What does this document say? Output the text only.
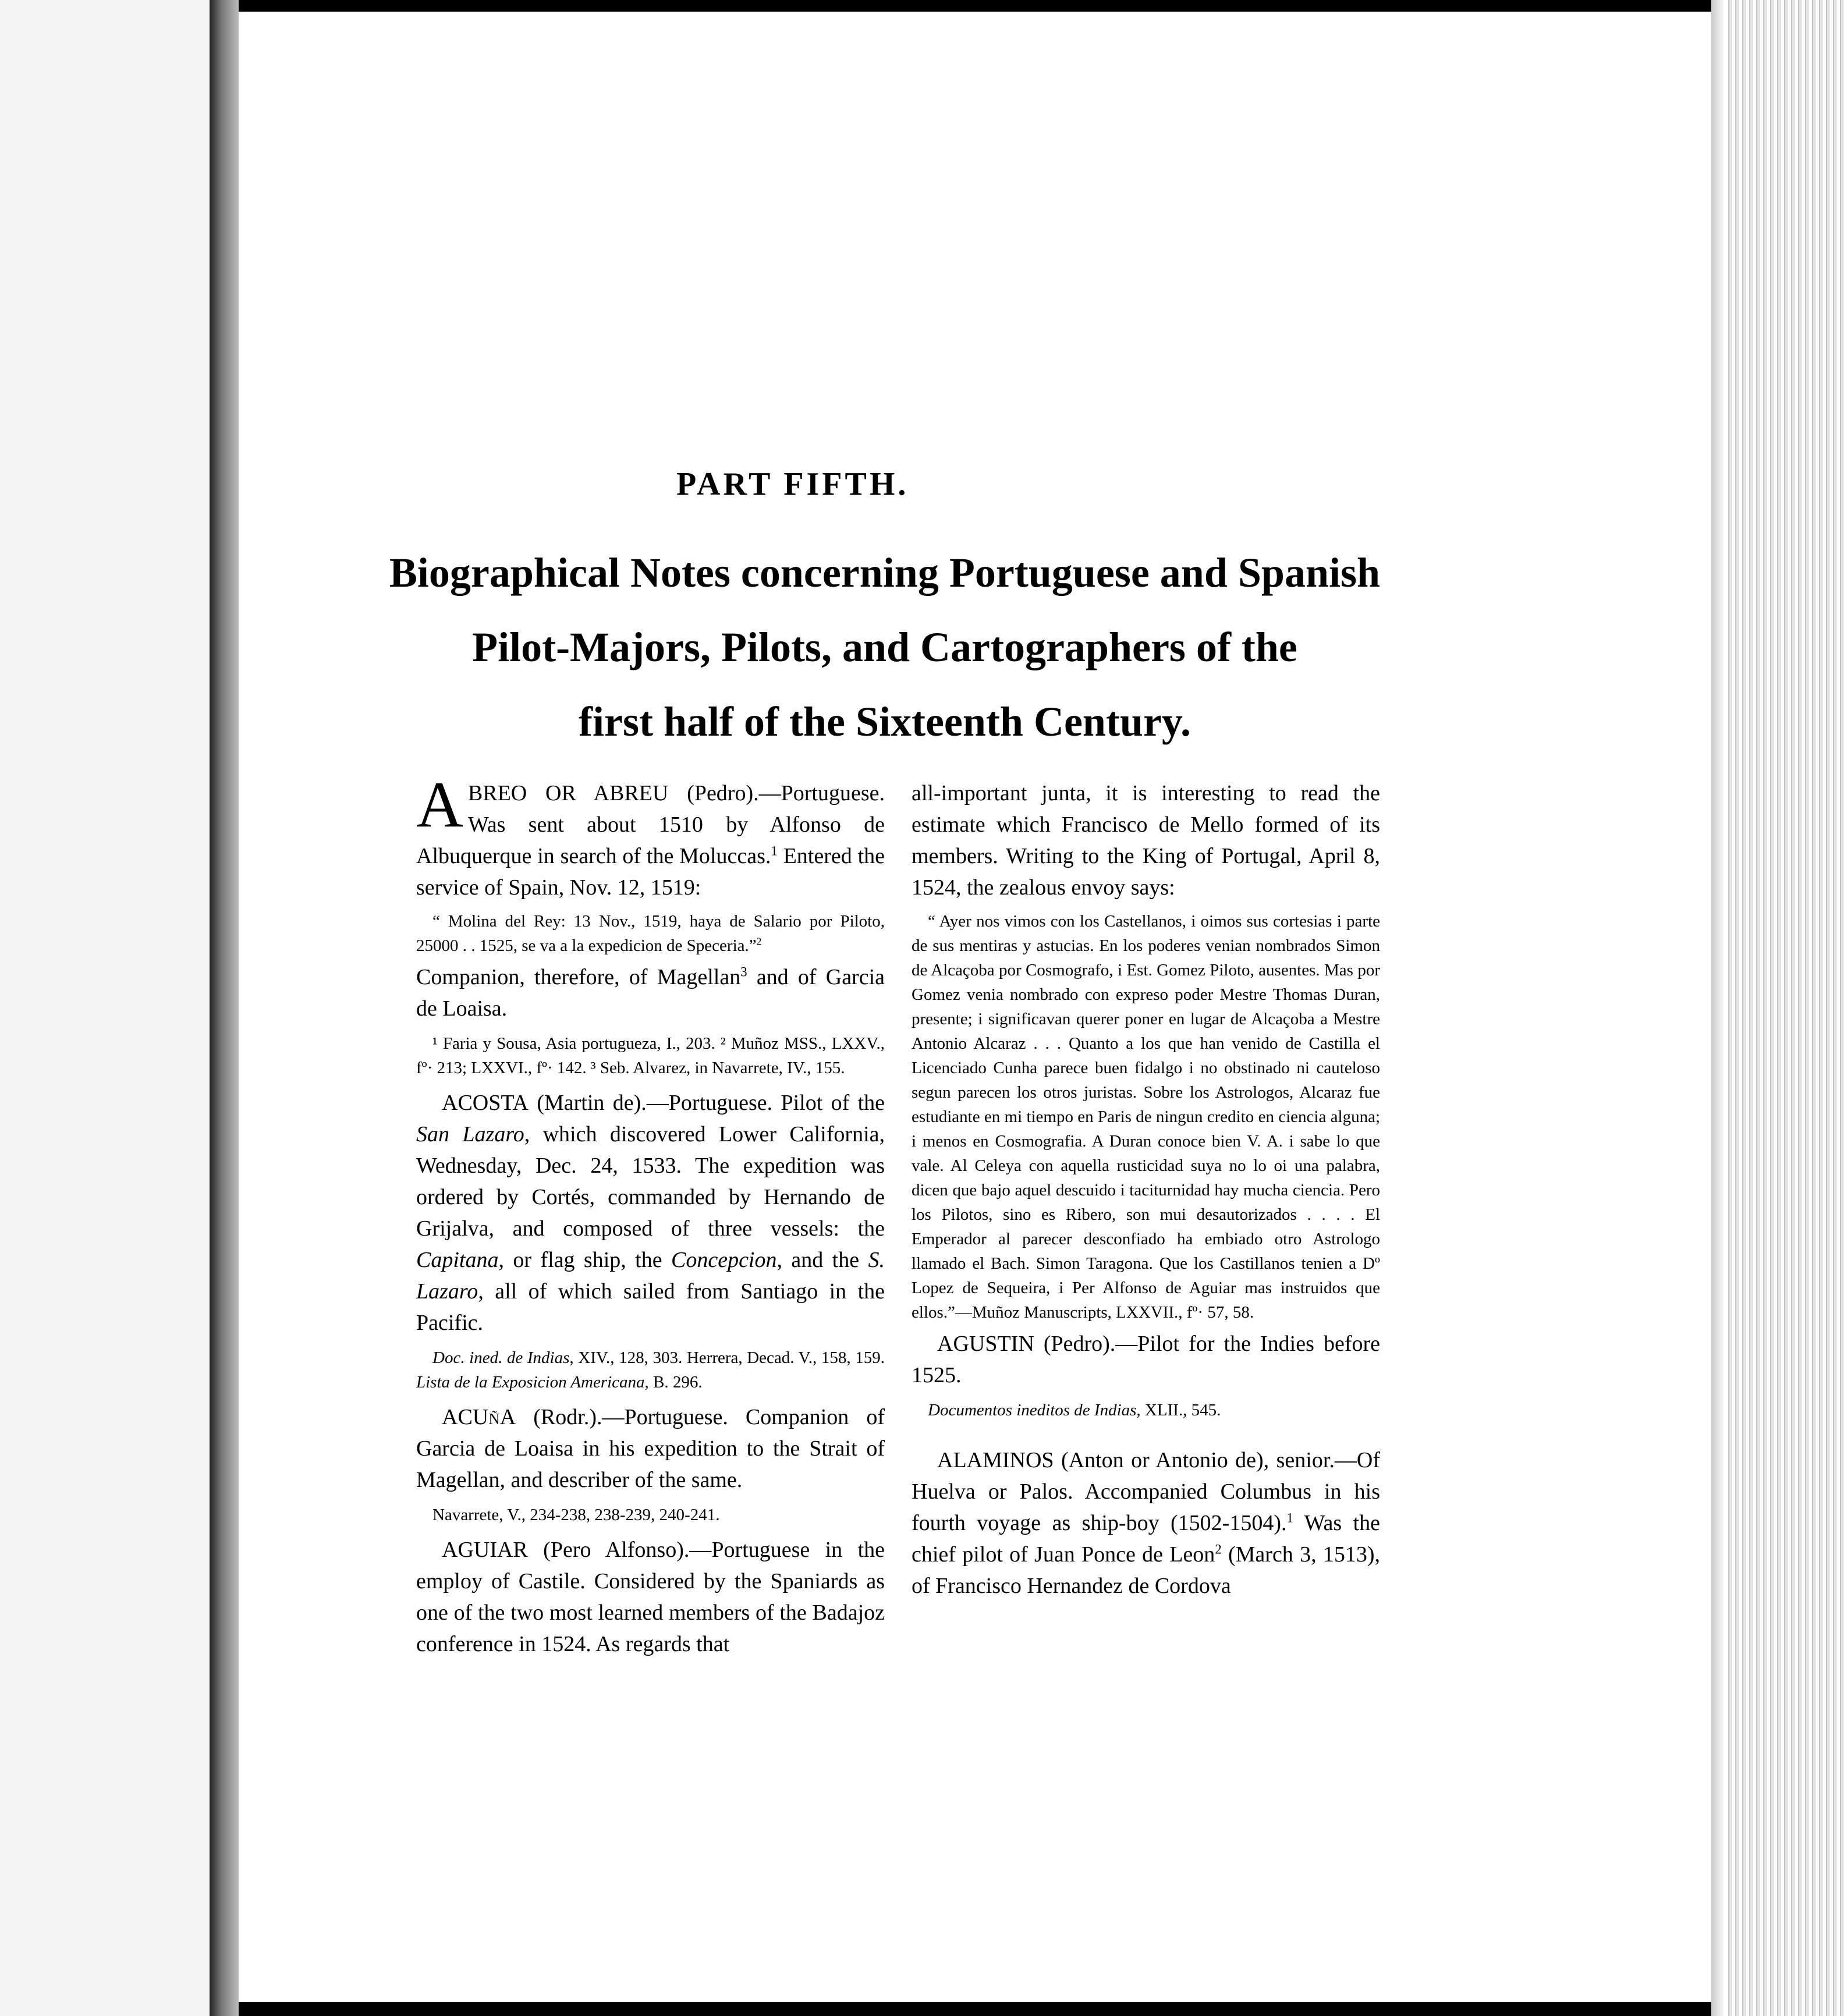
PART FIFTH.
Biographical Notes concerning Portuguese and Spanish
Pilot-Majors, Pilots, and Cartographers of the
first half of the Sixteenth Century.

ABREO OR ABREU (Pedro).—Portuguese. Was sent about 1510 by Alfonso de Albuquerque in search of the Moluccas.$^1$ Entered the service of Spain, Nov. 12, 1519:

“ Molina del Rey: 13 Nov., 1519, haya de Salario por Piloto, 25000 . . 1525, se va a la expedicion de Speceria.”$^2$

Companion, therefore, of Magellan$^3$ and of Garcia de Loaisa.

¹ Faria y Sousa, Asia portugueza, I., 203. ² Muñoz MSS., LXXV., fº· 213; LXXVI., fº· 142. ³ Seb. Alvarez, in Navarrete, IV., 155.

ACOSTA (Martin de).—Portuguese. Pilot of the San Lazaro, which discovered Lower California, Wednesday, Dec. 24, 1533. The expedition was ordered by Cortés, commanded by Hernando de Grijalva, and composed of three vessels: the Capitana, or flag ship, the Concepcion, and the S. Lazaro, all of which sailed from Santiago in the Pacific.

Doc. ined. de Indias, XIV., 128, 303. Herrera, Decad. V., 158, 159. Lista de la Exposicion Americana, B. 296.

ACUñA (Rodr.).—Portuguese. Companion of Garcia de Loaisa in his expedition to the Strait of Magellan, and describer of the same.

Navarrete, V., 234-238, 238-239, 240-241.

AGUIAR (Pero Alfonso).—Portuguese in the employ of Castile. Considered by the Spaniards as one of the two most learned members of the Badajoz conference in 1524. As regards that

all-important junta, it is interesting to read the estimate which Francisco de Mello formed of its members. Writing to the King of Portugal, April 8, 1524, the zealous envoy says:

“ Ayer nos vimos con los Castellanos, i oimos sus cortesias i parte de sus mentiras y astucias. En los poderes venian nombrados Simon de Alcaçoba por Cosmografo, i Est. Gomez Piloto, ausentes. Mas por Gomez venia nombrado con expreso poder Mestre Thomas Duran, presente; i significavan querer poner en lugar de Alcaçoba a Mestre Antonio Alcaraz . . . Quanto a los que han venido de Castilla el Licenciado Cunha parece buen fidalgo i no obstinado ni cauteloso segun parecen los otros juristas. Sobre los Astrologos, Alcaraz fue estudiante en mi tiempo en Paris de ningun credito en ciencia alguna; i menos en Cosmografia. A Duran conoce bien V. A. i sabe lo que vale. Al Celeya con aquella rusticidad suya no lo oi una palabra, dicen que bajo aquel descuido i taciturnidad hay mucha ciencia. Pero los Pilotos, sino es Ribero, son mui desautorizados . . . . El Emperador al parecer desconfiado ha embiado otro Astrologo llamado el Bach. Simon Taragona. Que los Castillanos tenien a Dº Lopez de Sequeira, i Per Alfonso de Aguiar mas instruidos que ellos.”—Muñoz Manuscripts, LXXVII., fº· 57, 58.

AGUSTIN (Pedro).—Pilot for the Indies before 1525.

Documentos ineditos de Indias, XLII., 545.

ALAMINOS (Anton or Antonio de), senior.—Of Huelva or Palos. Accompanied Columbus in his fourth voyage as ship-boy (1502-1504).$^1$ Was the chief pilot of Juan Ponce de Leon$^2$ (March 3, 1513), of Francisco Hernandez de Cordova
